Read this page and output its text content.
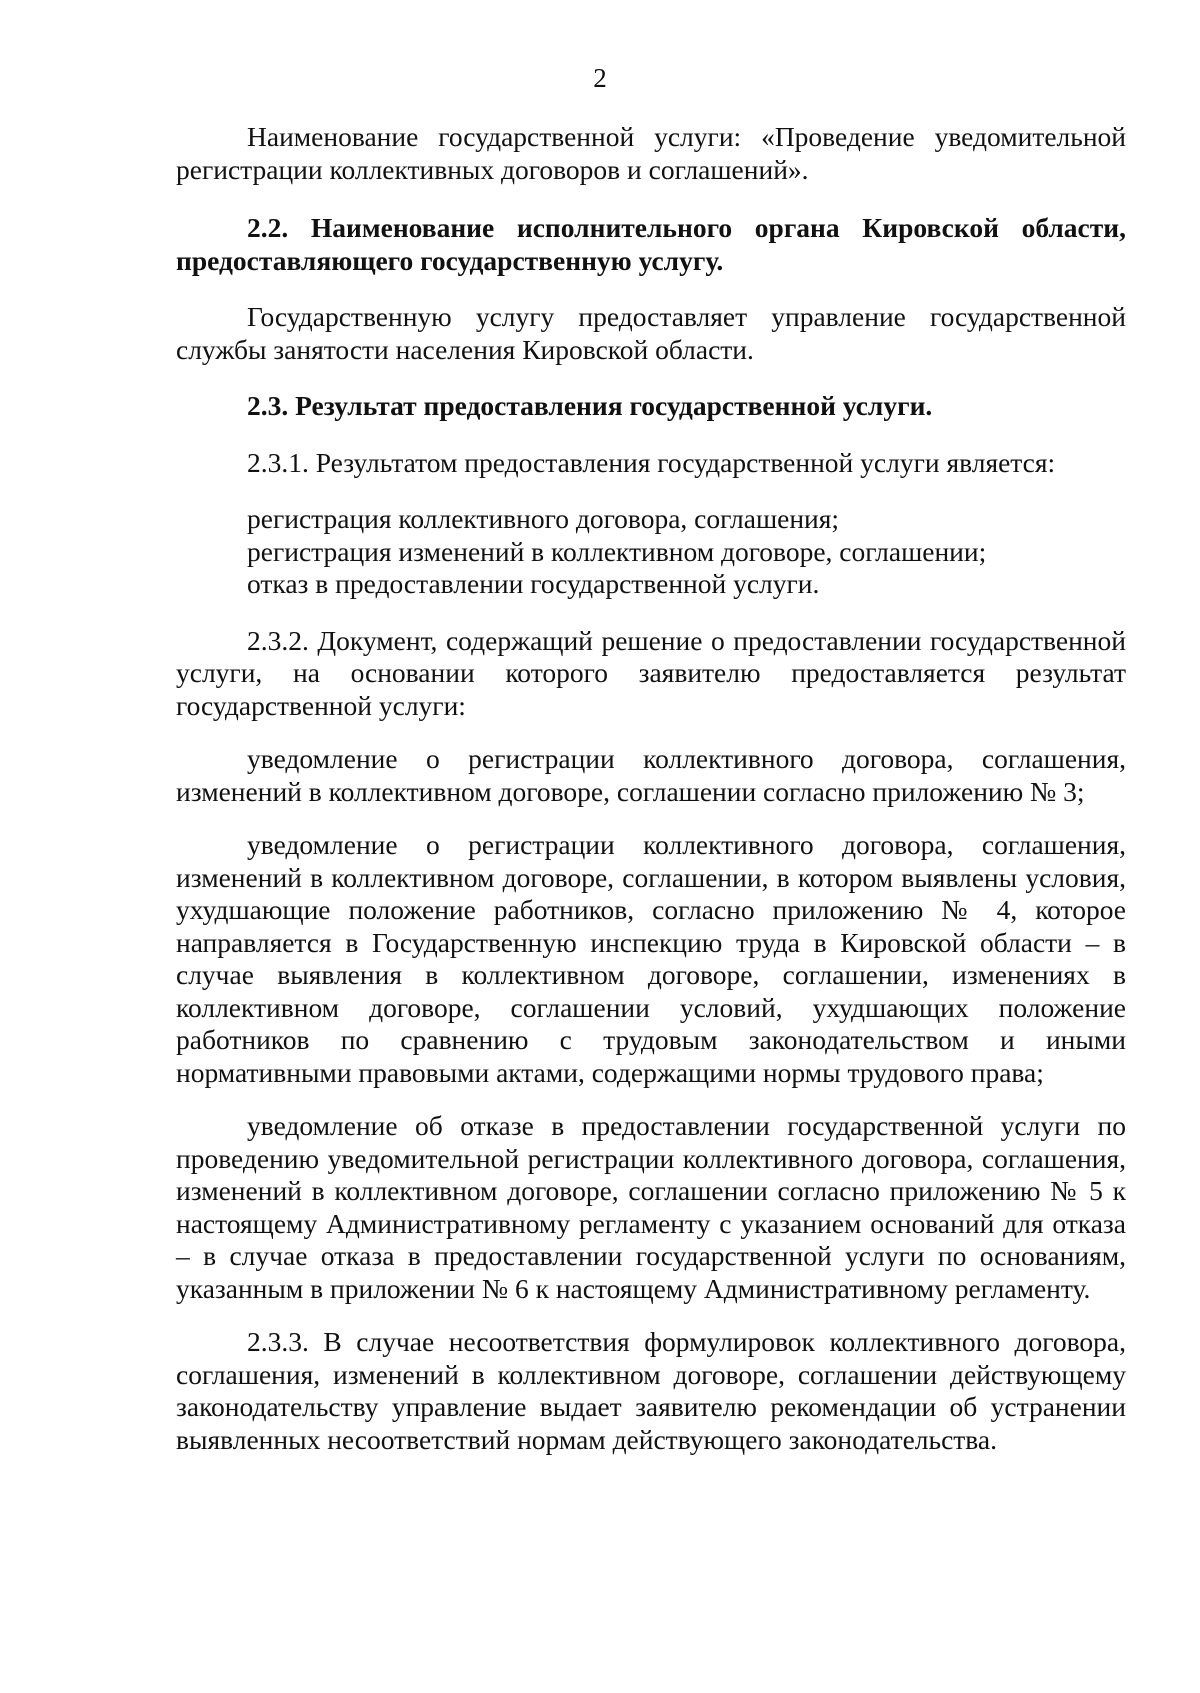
2

Наименование государственной услуги: «Проведение уведомительной регистрации коллективных договоров и соглашений».

2.2. Наименование исполнительного органа Кировской области, предоставляющего государственную услугу.

Государственную услугу предоставляет управление государственной службы занятости населения Кировской области.

2.3. Результат предоставления государственной услуги.

2.3.1. Результатом предоставления государственной услуги является:

регистрация коллективного договора, соглашения;

регистрация изменений в коллективном договоре, соглашении;

отказ в предоставлении государственной услуги.

2.3.2. Документ, содержащий решение о предоставлении государственной услуги, на основании которого заявителю предоставляется результат государственной услуги:

уведомление о регистрации коллективного договора, соглашения, изменений в коллективном договоре, соглашении согласно приложению № 3;

уведомление о регистрации коллективного договора, соглашения, изменений в коллективном договоре, соглашении, в котором выявлены условия, ухудшающие положение работников, согласно приложению № 4, которое направляется в Государственную инспекцию труда в Кировской области – в случае выявления в коллективном договоре, соглашении, изменениях в коллективном договоре, соглашении условий, ухудшающих положение работников по сравнению с трудовым законодательством и иными нормативными правовыми актами, содержащими нормы трудового права;

уведомление об отказе в предоставлении государственной услуги по проведению уведомительной регистрации коллективного договора, соглашения, изменений в коллективном договоре, соглашении согласно приложению № 5 к настоящему Административному регламенту с указанием оснований для отказа – в случае отказа в предоставлении государственной услуги по основаниям, указанным в приложении № 6 к настоящему Административному регламенту.

2.3.3. В случае несоответствия формулировок коллективного договора, соглашения, изменений в коллективном договоре, соглашении действующему законодательству управление выдает заявителю рекомендации об устранении выявленных несоответствий нормам действующего законодательства.
